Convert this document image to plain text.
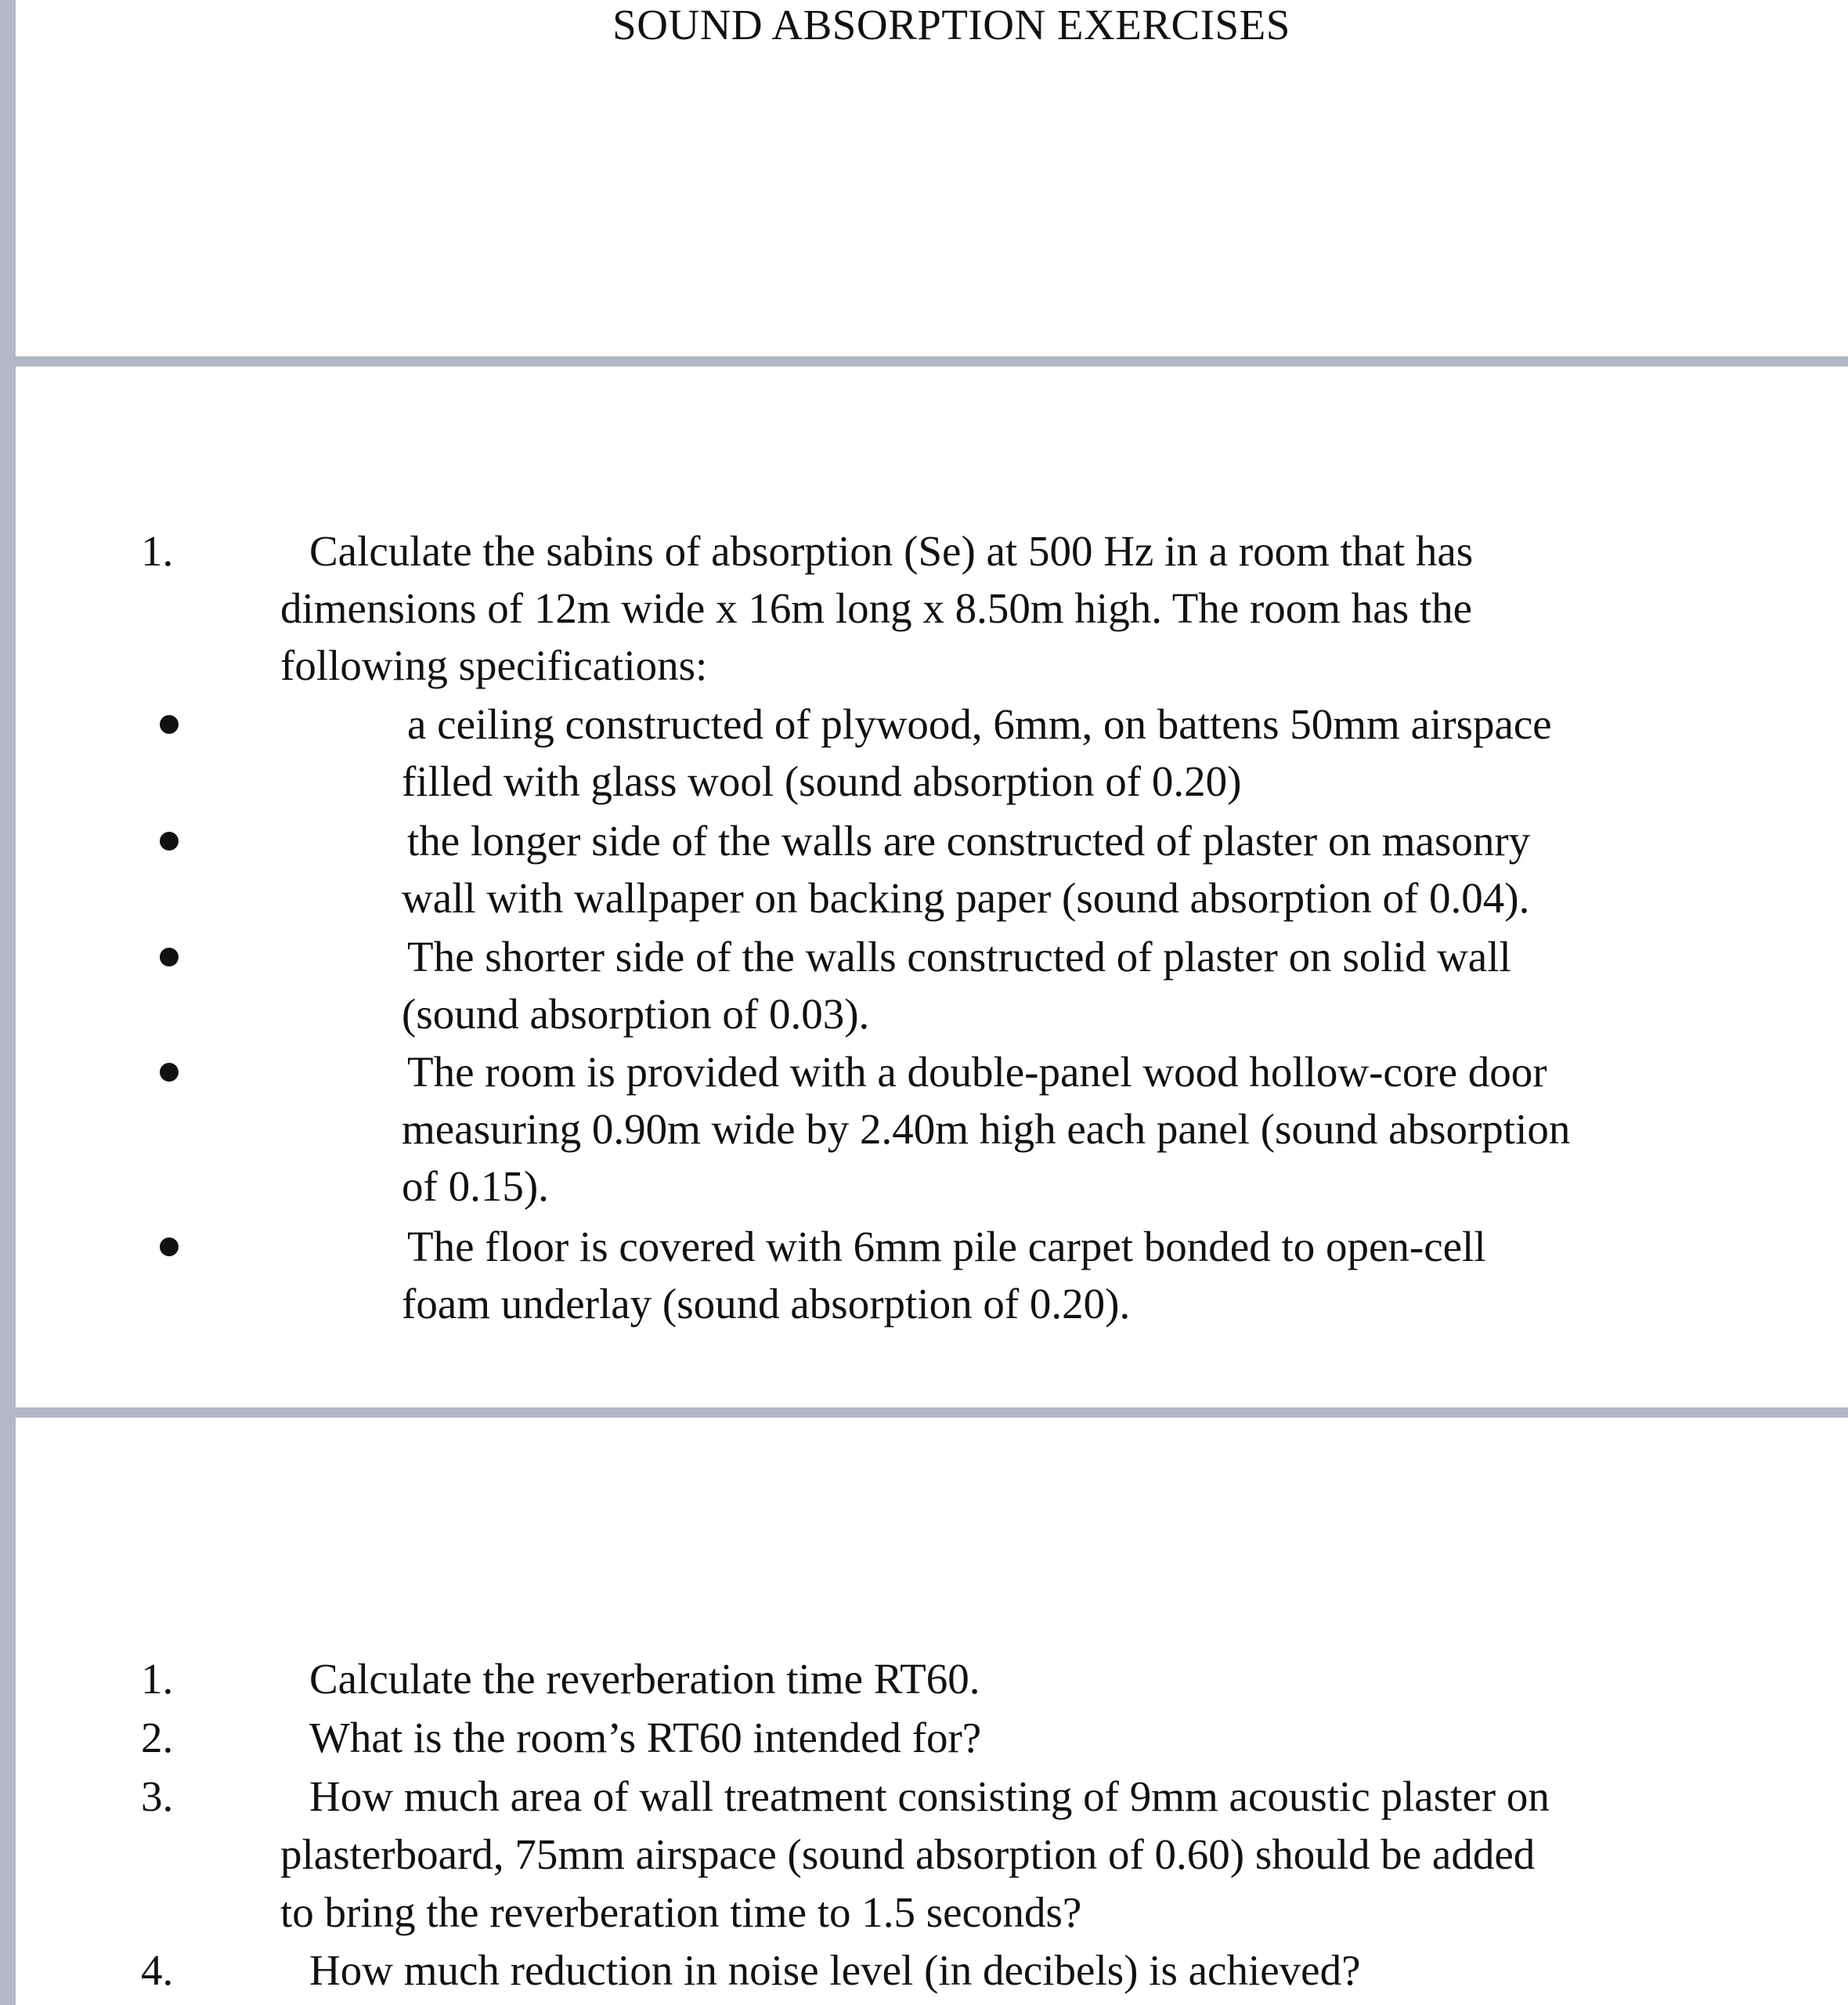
SOUND ABSORPTION EXERCISES
1.	Calculate the sabins of absorption (Se) at 500 Hz in a room that has
dimensions of 12m wide x 16m long x 8.50m high. The room has the
following specifications:
a ceiling constructed of plywood, 6mm, on battens 50mm airspace
filled with glass wool (sound absorption of 0.20)
the longer side of the walls are constructed of plaster on masonry
wall with wallpaper on backing paper (sound absorption of 0.04).
The shorter side of the walls constructed of plaster on solid wall
(sound absorption of 0.03).
The room is provided with a double-panel wood hollow-core door
measuring 0.90m wide by 2.40m high each panel (sound absorption
of 0.15).
The floor is covered with 6mm pile carpet bonded to open-cell
foam underlay (sound absorption of 0.20).
1.	Calculate the reverberation time RT60.
2.	What is the room’s RT60 intended for?
3.	How much area of wall treatment consisting of 9mm acoustic plaster on
plasterboard, 75mm airspace (sound absorption of 0.60) should be added
to bring the reverberation time to 1.5 seconds?
4.	How much reduction in noise level (in decibels) is achieved?
